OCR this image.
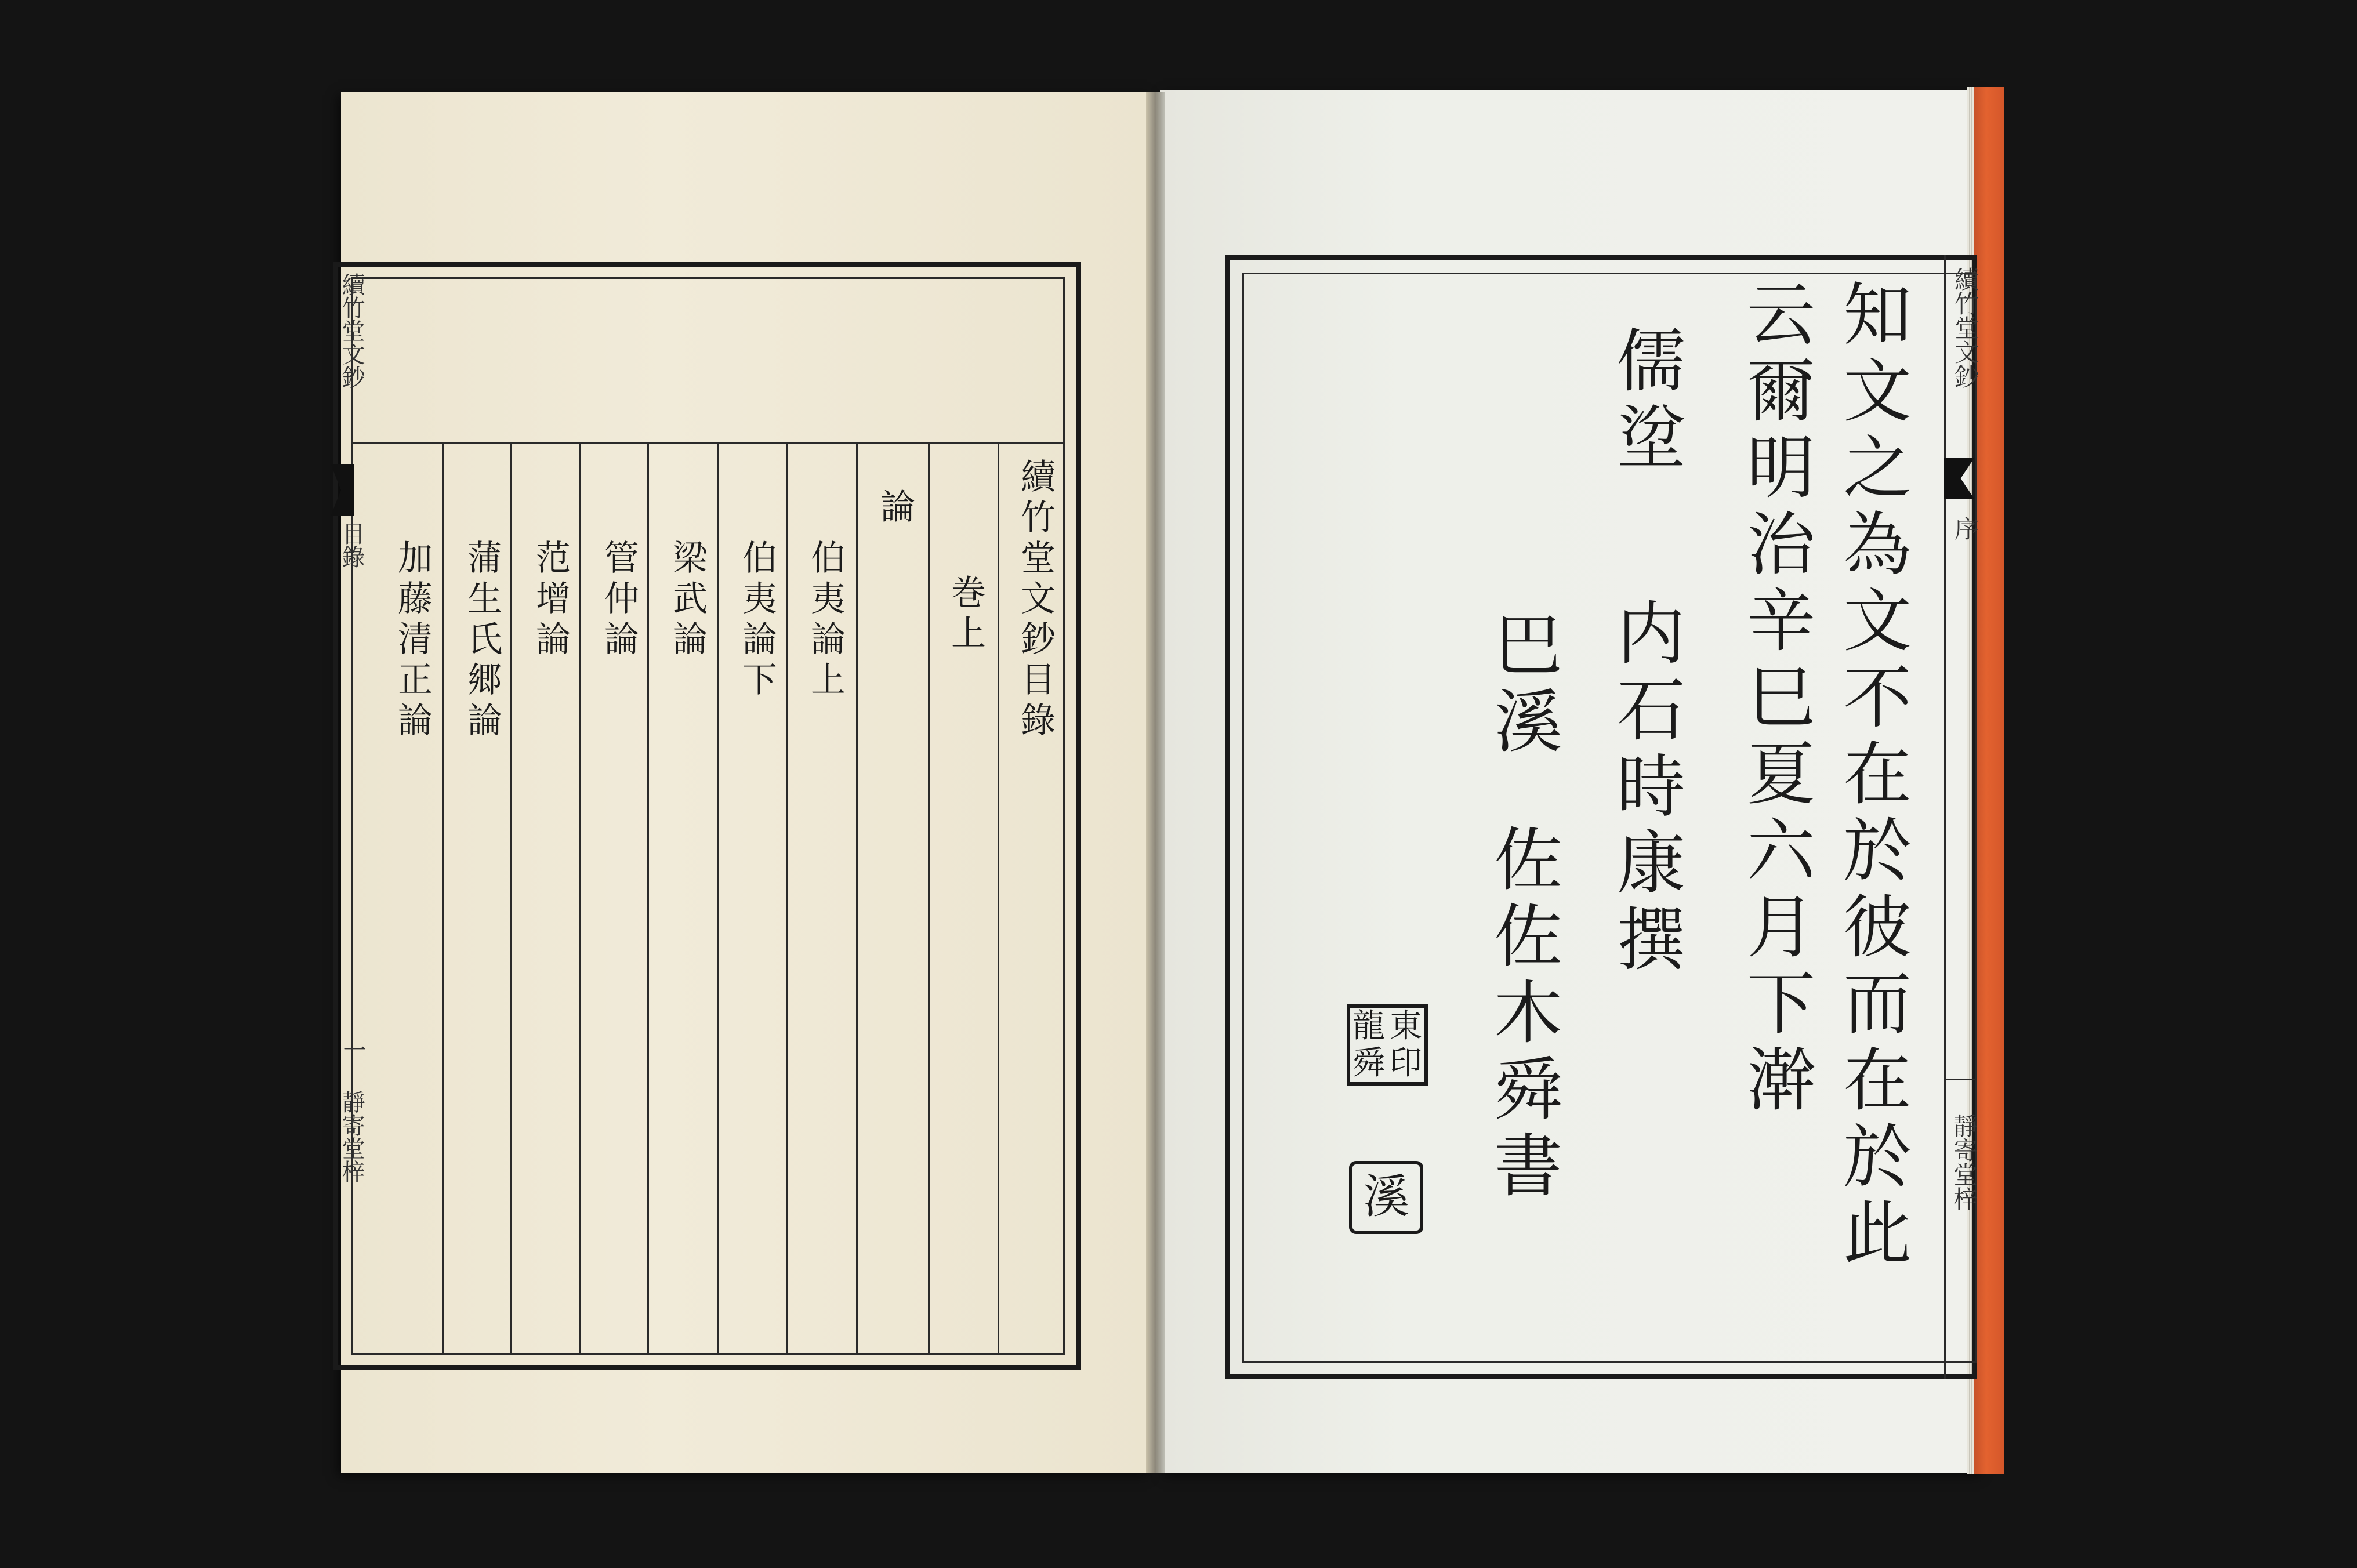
續竹堂文鈔
目錄
一
靜寄堂梓
續竹堂文鈔目錄
巻上
論
伯夷論上
伯夷論下
梁武論
管仲論
范增論
蒲生氏郷論
加藤清正論
續竹堂文鈔
序
靜寄堂梓
知文之為文不在於彼而在於此
云爾明治辛巳夏六月下澣
儒𡌂
内石時康撰
巴溪
佐佐木舜書
龍 東
舜 印
溪
